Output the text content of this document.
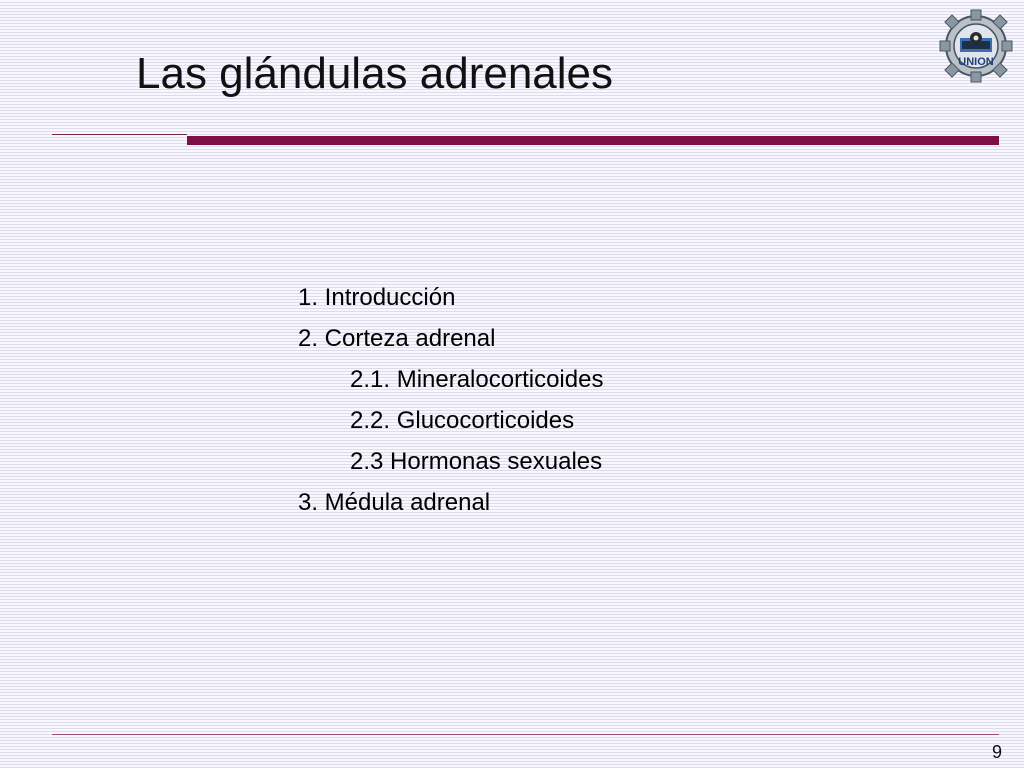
Las glándulas adrenales	UNION
1. Introducción
2. Corteza adrenal
2.1. Mineralocorticoides
2.2. Glucocorticoides
2.3 Hormonas sexuales
3. Médula adrenal
9
